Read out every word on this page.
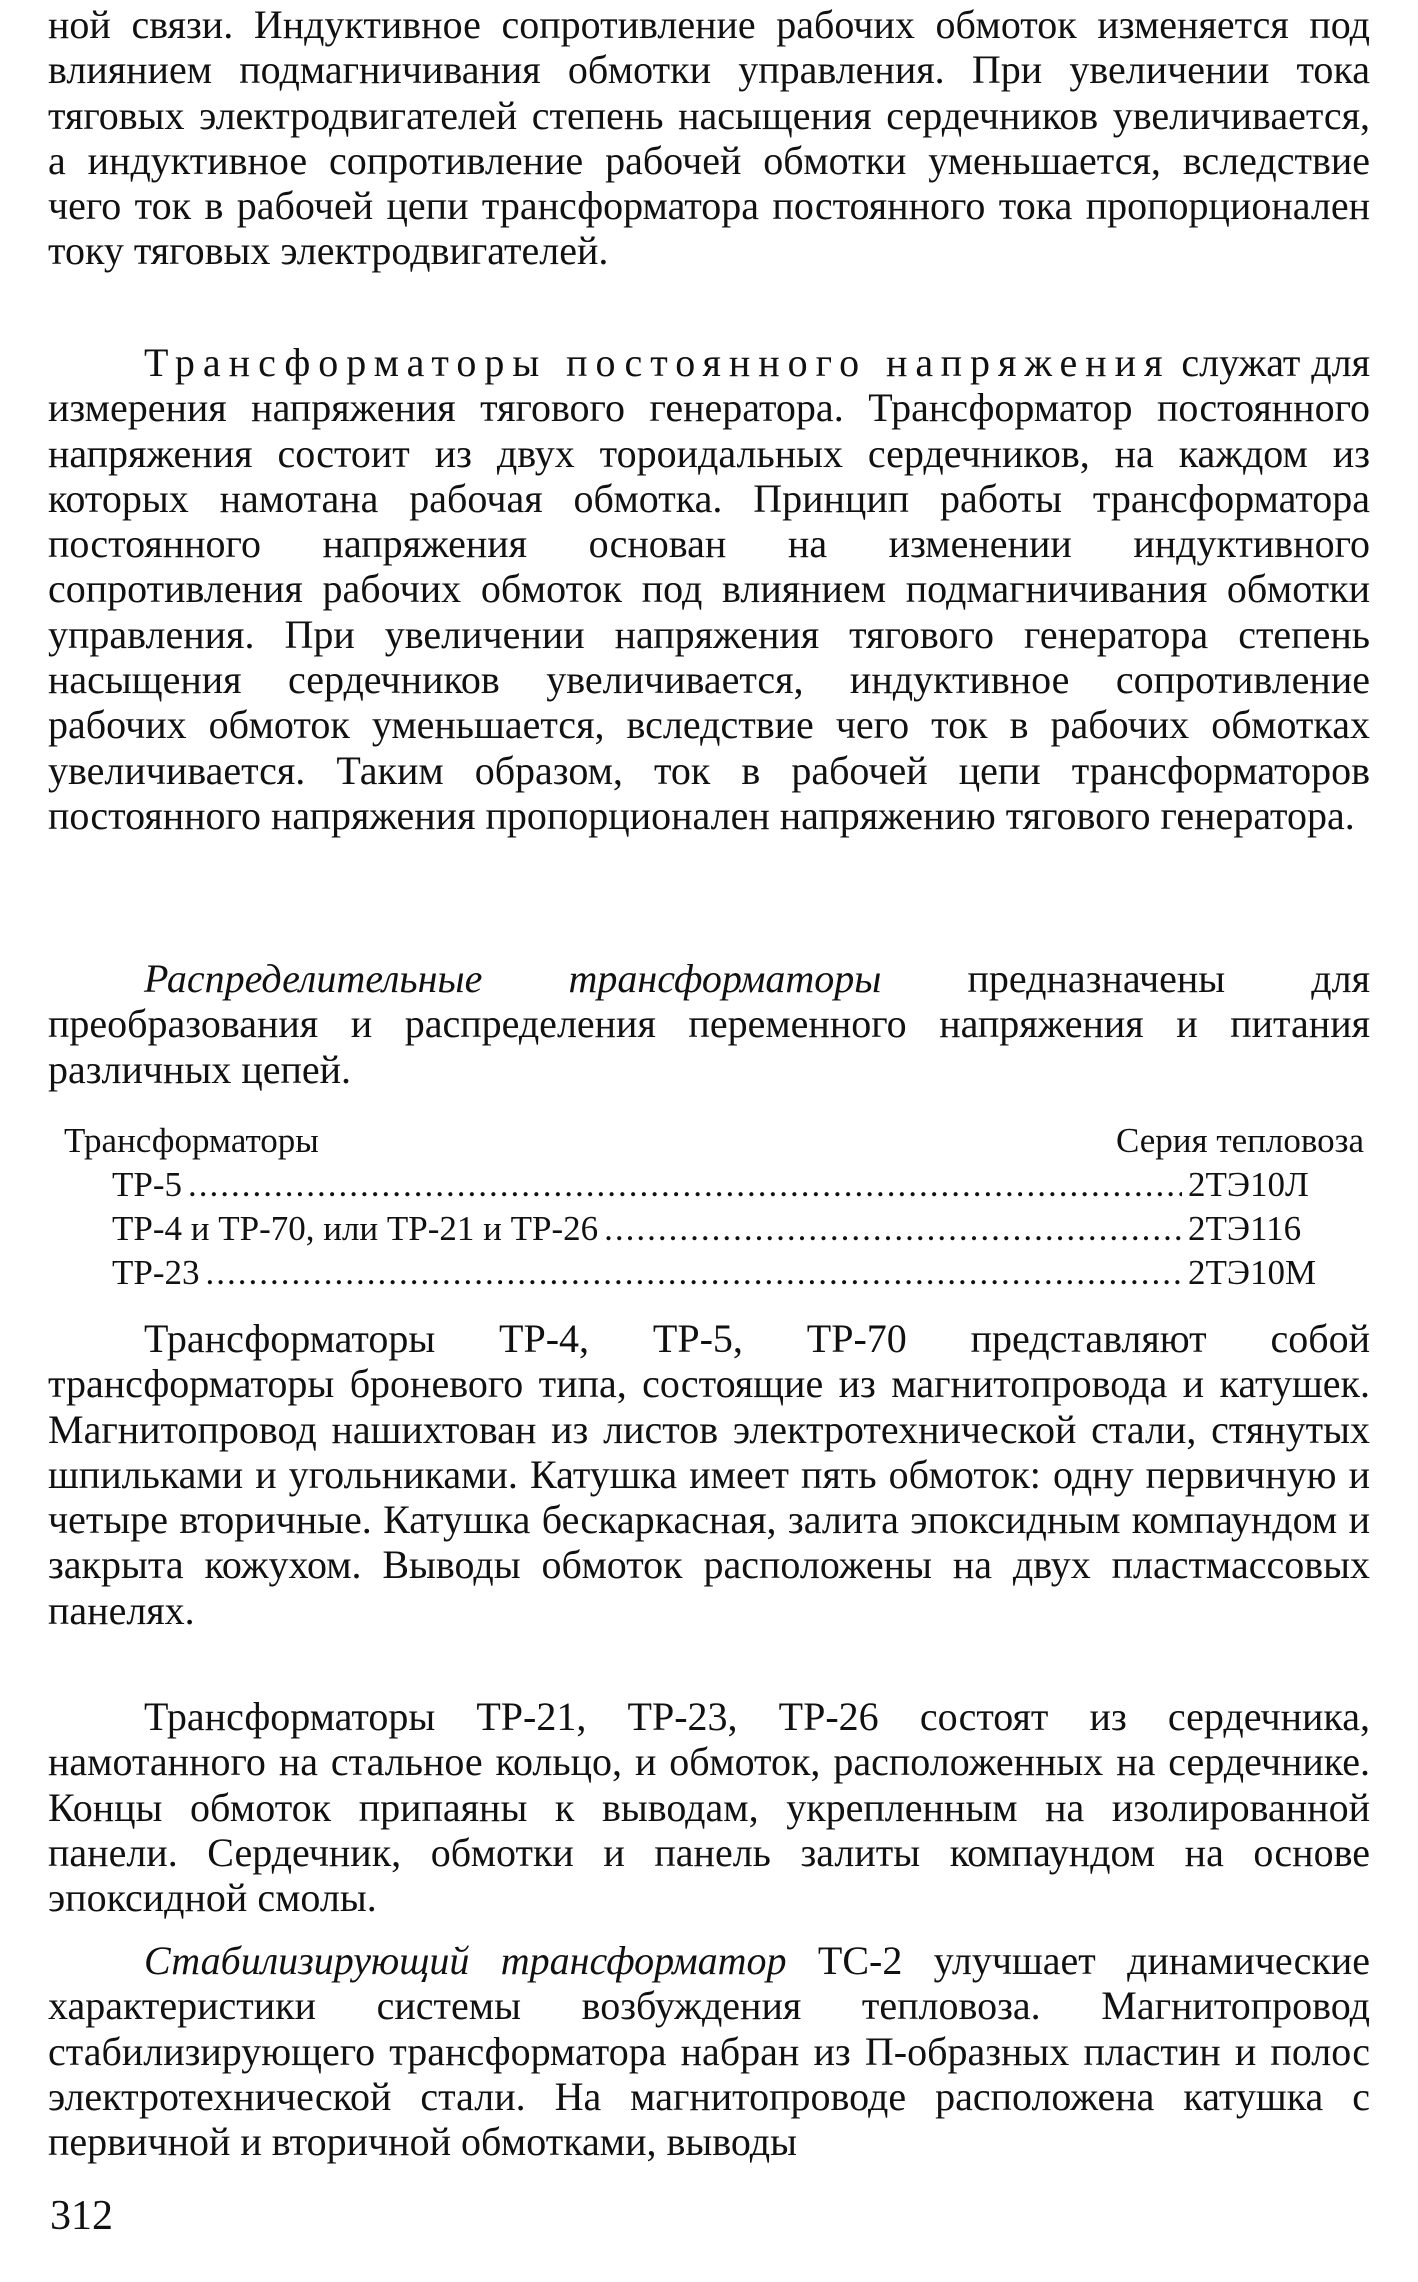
ной связи. Индуктивное сопротивление рабочих обмоток изменяется под влиянием подмагничивания обмотки управления. При увеличении тока тяговых электродвигателей степень насыщения сердечников увеличивается, а индуктивное сопротивление рабочей обмотки уменьшается, вследствие чего ток в рабочей цепи трансформатора постоянного тока пропорционален току тяговых электродвигателей.

Трансформаторы постоянного напряжения служат для измерения напряжения тягового генератора. Трансформатор постоянного напряжения состоит из двух тороидальных сердечников, на каждом из которых намотана рабочая обмотка. Принцип работы трансформатора постоянного напряжения основан на изменении индуктивного сопротивления рабочих обмоток под влиянием подмагничивания обмотки управления. При увеличении напряжения тягового генератора степень насыщения сердечников увеличивается, индуктивное сопротивление рабочих обмоток уменьшается, вследствие чего ток в рабочих обмотках увеличивается. Таким образом, ток в рабочей цепи трансформаторов постоянного напряжения пропорционален напряжению тягового генератора.

Распределительные трансформаторы предназначены для преобразования и распределения переменного напряжения и питания различных цепей.

Трансформаторы	Серия тепловоза
ТР-5 .....	2ТЭ10Л
ТР-4 и ТР-70, или ТР-21 и ТР-26 .....	2ТЭ116
ТР-23 .....	2ТЭ10М

Трансформаторы ТР-4, ТР-5, ТР-70 представляют собой трансформаторы броневого типа, состоящие из магнитопровода и катушек. Магнитопровод нашихтован из листов электротехнической стали, стянутых шпильками и угольниками. Катушка имеет пять обмоток: одну первичную и четыре вторичные. Катушка бескаркасная, залита эпоксидным компаундом и закрыта кожухом. Выводы обмоток расположены на двух пластмассовых панелях.

Трансформаторы ТР-21, ТР-23, ТР-26 состоят из сердечника, намотанного на стальное кольцо, и обмоток, расположенных на сердечнике. Концы обмоток припаяны к выводам, укрепленным на изолированной панели. Сердечник, обмотки и панель залиты компаундом на основе эпоксидной смолы.

Стабилизирующий трансформатор ТС-2 улучшает динамические характеристики системы возбуждения тепловоза. Магнитопровод стабилизирующего трансформатора набран из П-образных пластин и полос электротехнической стали. На магнитопроводе расположена катушка с первичной и вторичной обмотками, выводы

312
